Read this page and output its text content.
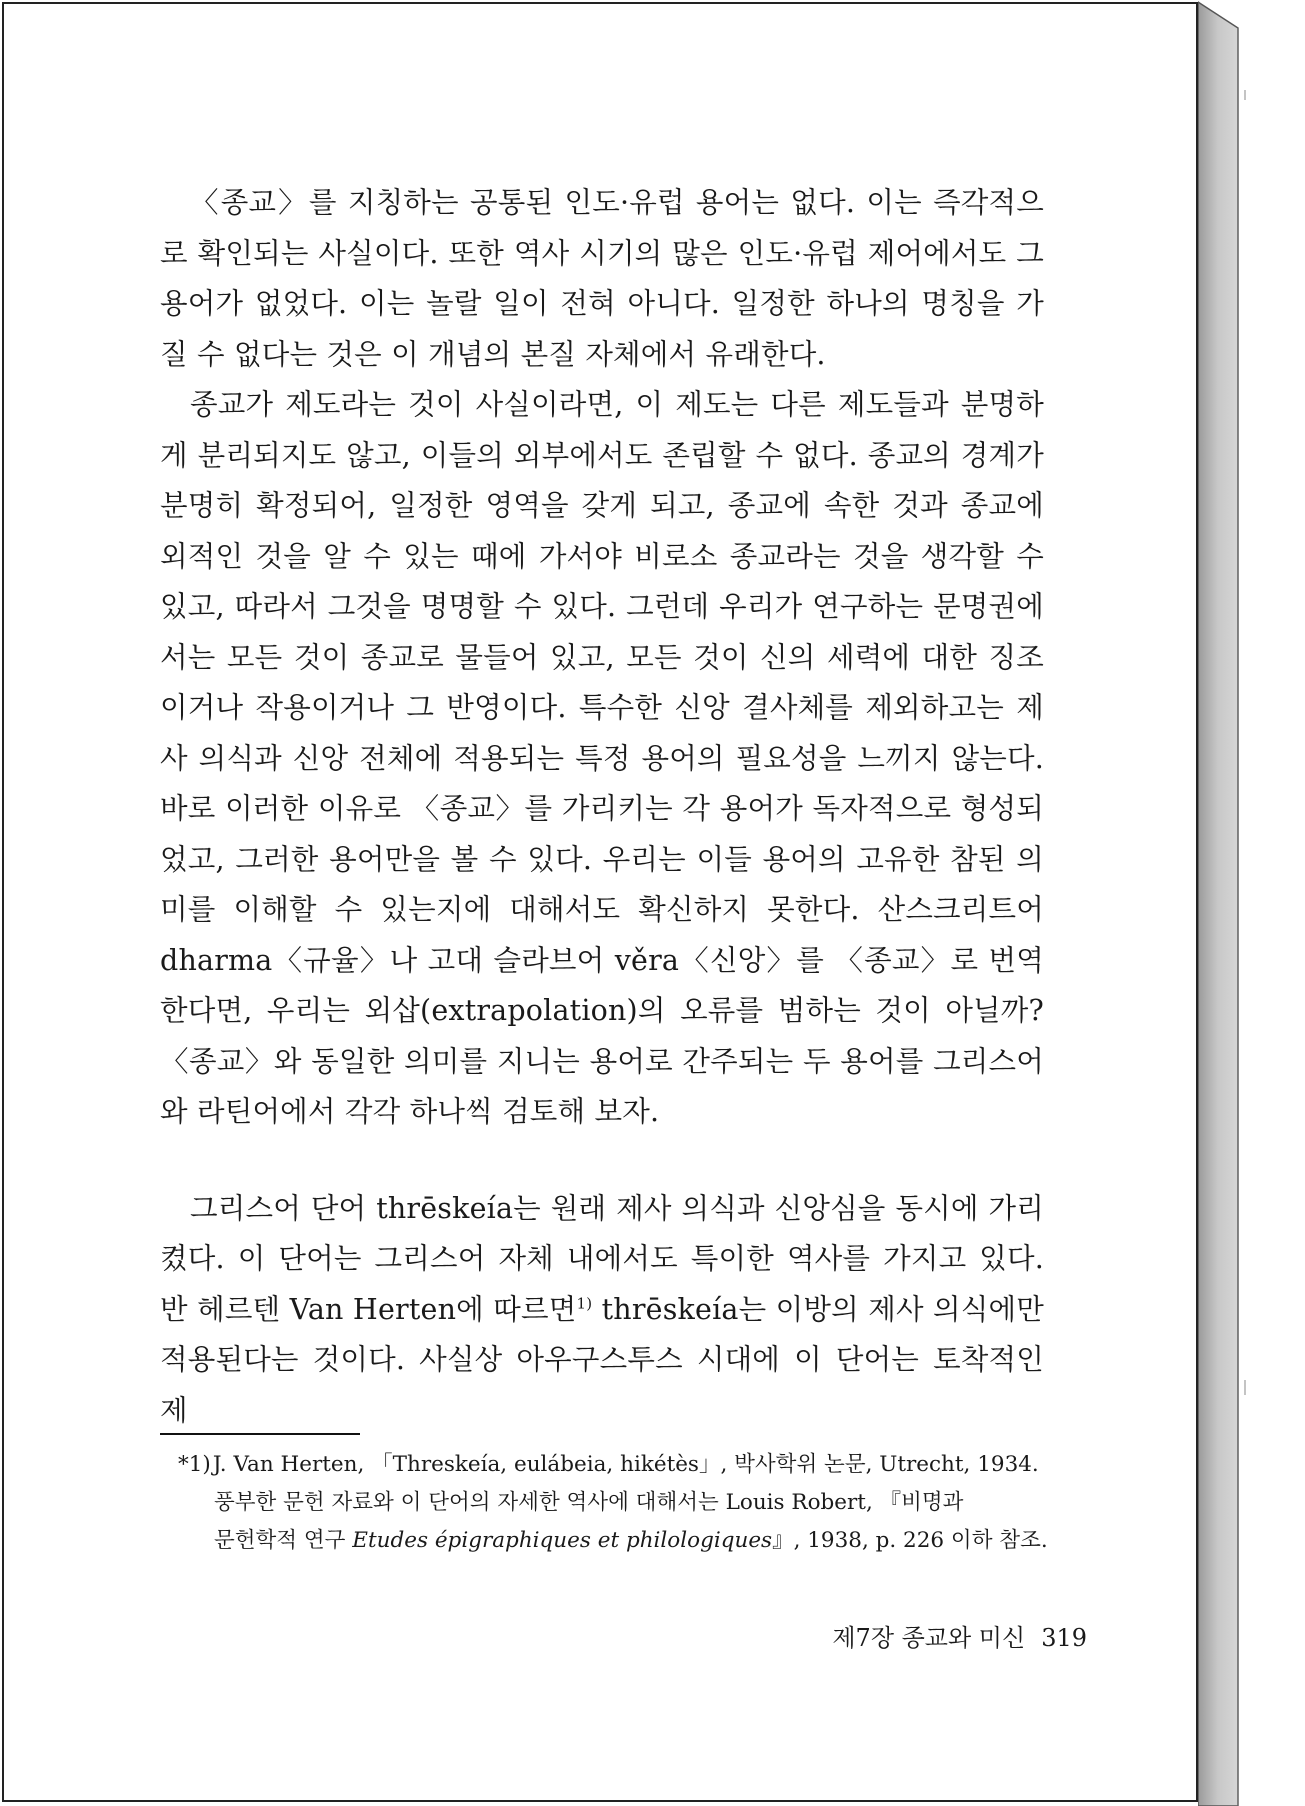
〈종교〉를 지칭하는 공통된 인도·유럽 용어는 없다. 이는 즉각적으로 확인되는 사실이다. 또한 역사 시기의 많은 인도·유럽 제어에서도 그 용어가 없었다. 이는 놀랄 일이 전혀 아니다. 일정한 하나의 명칭을 가질 수 없다는 것은 이 개념의 본질 자체에서 유래한다.

종교가 제도라는 것이 사실이라면, 이 제도는 다른 제도들과 분명하게 분리되지도 않고, 이들의 외부에서도 존립할 수 없다. 종교의 경계가 분명히 확정되어, 일정한 영역을 갖게 되고, 종교에 속한 것과 종교에 외적인 것을 알 수 있는 때에 가서야 비로소 종교라는 것을 생각할 수 있고, 따라서 그것을 명명할 수 있다. 그런데 우리가 연구하는 문명권에서는 모든 것이 종교로 물들어 있고, 모든 것이 신의 세력에 대한 징조이거나 작용이거나 그 반영이다. 특수한 신앙 결사체를 제외하고는 제사 의식과 신앙 전체에 적용되는 특정 용어의 필요성을 느끼지 않는다. 바로 이러한 이유로 〈종교〉를 가리키는 각 용어가 독자적으로 형성되었고, 그러한 용어만을 볼 수 있다. 우리는 이들 용어의 고유한 참된 의미를 이해할 수 있는지에 대해서도 확신하지 못한다. 산스크리트어 dharma〈규율〉나 고대 슬라브어 věra〈신앙〉를 〈종교〉로 번역한다면, 우리는 외삽(extrapolation)의 오류를 범하는 것이 아닐까? 〈종교〉와 동일한 의미를 지니는 용어로 간주되는 두 용어를 그리스어와 라틴어에서 각각 하나씩 검토해 보자.

그리스어 단어 thrēskeía는 원래 제사 의식과 신앙심을 동시에 가리켰다. 이 단어는 그리스어 자체 내에서도 특이한 역사를 가지고 있다. 반 헤르텐 Van Herten에 따르면$^{1)}$ thrēskeía는 이방의 제사 의식에만 적용된다는 것이다. 사실상 아우구스투스 시대에 이 단어는 토착적인 제

*1) J. Van Herten, 「Threskeía, eulábeia, hikétès」, 박사학위 논문, Utrecht, 1934.

풍부한 문헌 자료와 이 단어의 자세한 역사에 대해서는 Louis Robert, 『비명과

문헌학적 연구 Etudes épigraphiques et philologiques』, 1938, p. 226 이하 참조.

제7장 종교와 미신 319
